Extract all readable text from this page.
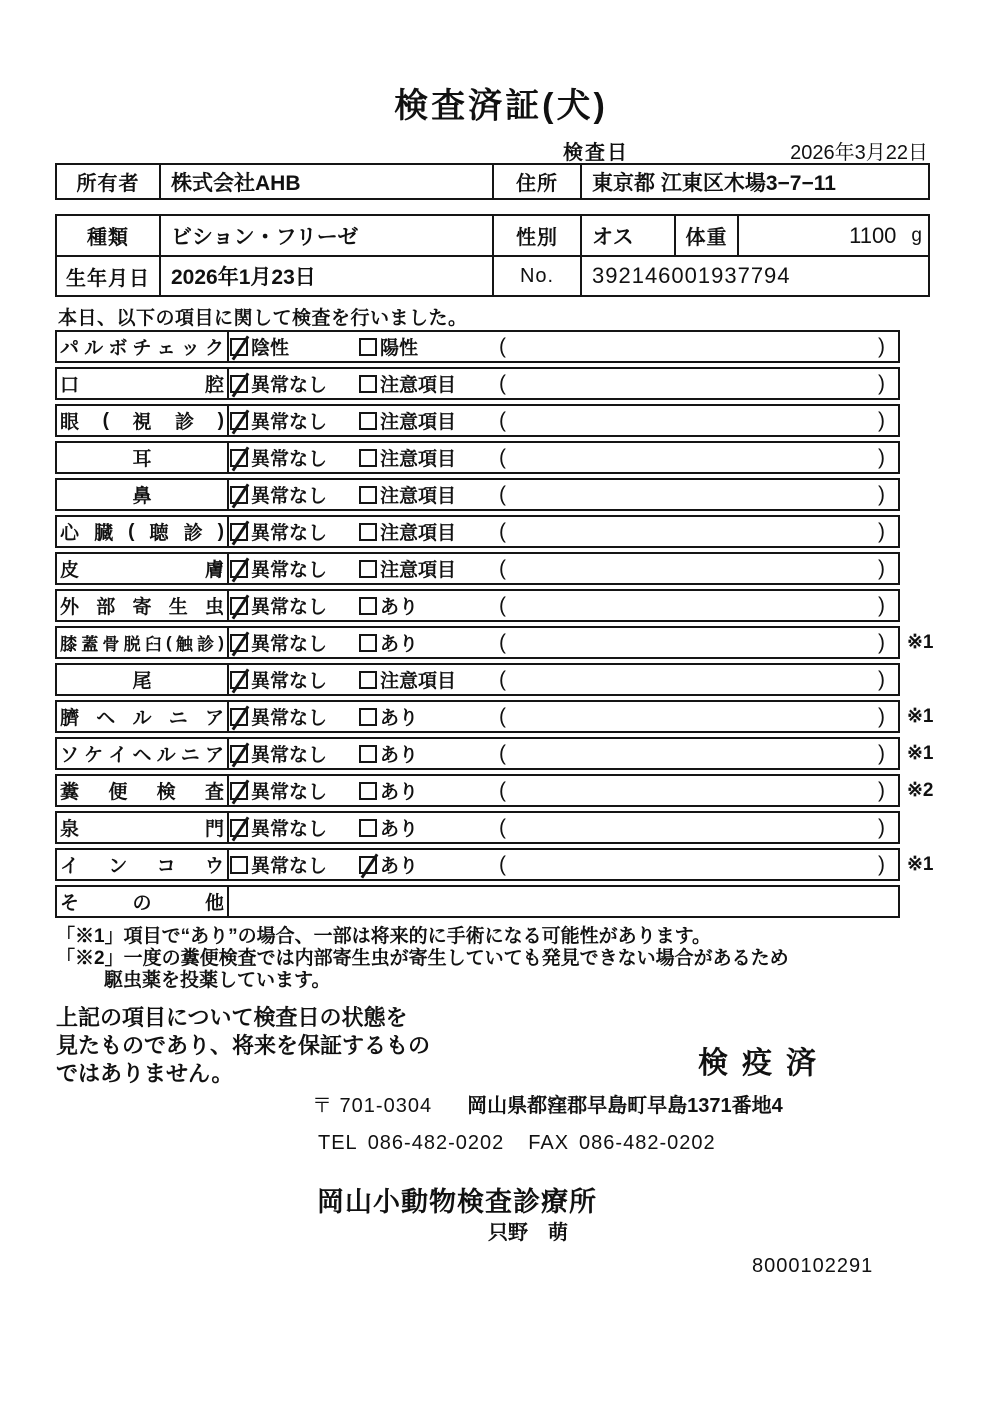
検査済証(犬)
検査日	2026年3月22日
所有者	株式会社AHB	住所	東京都 江東区木場3−7−11
種類	ビション・フリーゼ	性別	オス	体重	1100 g
生年月日	2026年1月23日	No.	392146001937794
本日、以下の項目に関して検査を行いました。
パ ル ボ チ ェ ッ ク 陰性	陽性	(	)
口	腔 異常なし	注意項目 (	)
眼 ( 視 診 ) 異常なし	注意項目 (	)
耳	異常なし	注意項目 (	)
鼻	異常なし	注意項目 (	)
心 臓 ( 聴 診 ) 異常なし	注意項目 (	)
皮	膚 異常なし	注意項目 (	)
外 部 寄 生 虫 異常なし	あり	(	)
膝 蓋 骨 脱 臼 ( 触 診 ) 異常なし	あり	(	)	※1
尾	異常なし	注意項目 (	)
臍 ヘ ル ニ ア 異常なし	あり	(	)	※1
ソ ケ イ ヘ ル ニ ア 異常なし	あり	(	)	※1
糞 便 検 査 異常なし	あり	(	)	※2
泉	門 異常なし	あり	(	)
イ ン コ ウ 異常なし	あり	(	)	※1
そ	の	他
「※1」項目で“あり”の場合、一部は将来的に手術になる可能性があります。
「※2」一度の糞便検査では内部寄生虫が寄生していても発見できない場合があるため
駆虫薬を投薬しています。
上記の項目について検査日の状態を
見たものであり、将来を保証するもの
ではありません。	検疫済
〒 701-0304 岡山県都窪郡早島町早島1371番地4
TEL 086-482-0202 FAX 086-482-0202
岡山小動物検査診療所
只野　萌
8000102291
